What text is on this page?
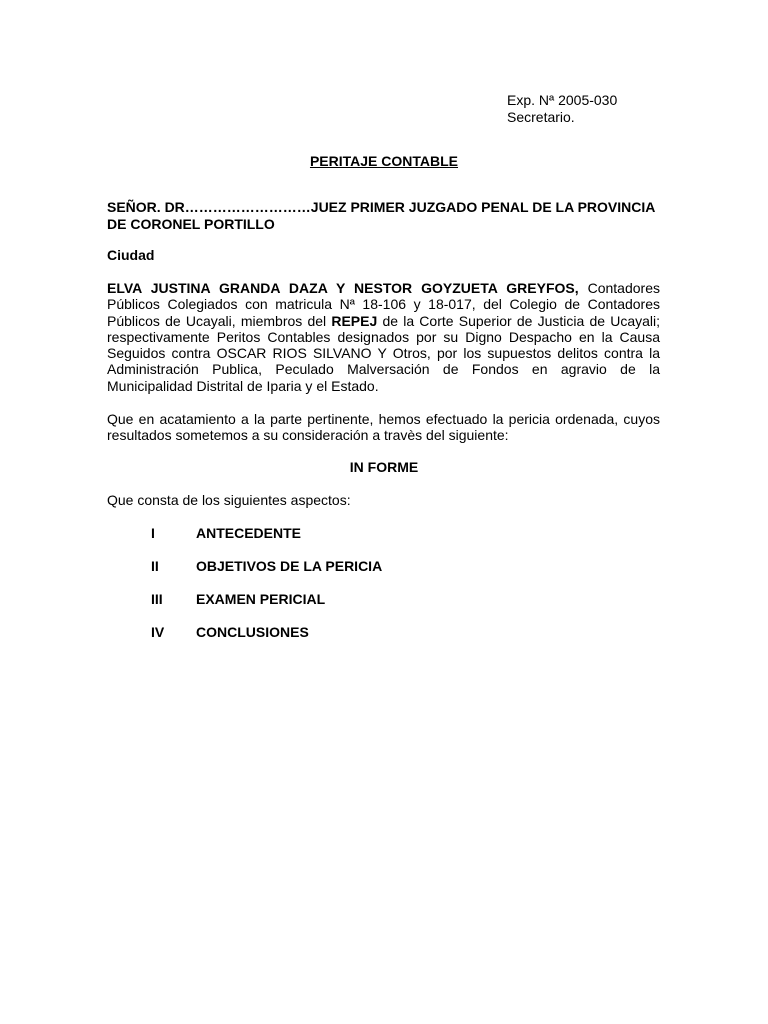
Exp. Nª 2005-030
Secretario.
PERITAJE CONTABLE
SEÑOR. DR………………………JUEZ PRIMER JUZGADO PENAL DE LA PROVINCIA DE CORONEL PORTILLO
Ciudad
ELVA JUSTINA GRANDA DAZA Y NESTOR GOYZUETA GREYFOS, Contadores Públicos Colegiados con matricula Nª 18-106 y 18-017, del Colegio de Contadores Públicos de Ucayali, miembros del REPEJ de la Corte Superior de Justicia de Ucayali; respectivamente Peritos Contables designados por su Digno Despacho en la Causa Seguidos contra OSCAR RIOS SILVANO Y Otros, por los supuestos delitos contra la Administración Publica, Peculado Malversación de Fondos en agravio de la Municipalidad Distrital de Iparia y el Estado.
Que en acatamiento a la parte pertinente, hemos efectuado la pericia ordenada, cuyos resultados sometemos a su consideración a travès del siguiente:
IN FORME
Que consta de los siguientes aspectos:
I	ANTECEDENTE
II	OBJETIVOS DE LA PERICIA
III EXAMEN PERICIAL
IV CONCLUSIONES
